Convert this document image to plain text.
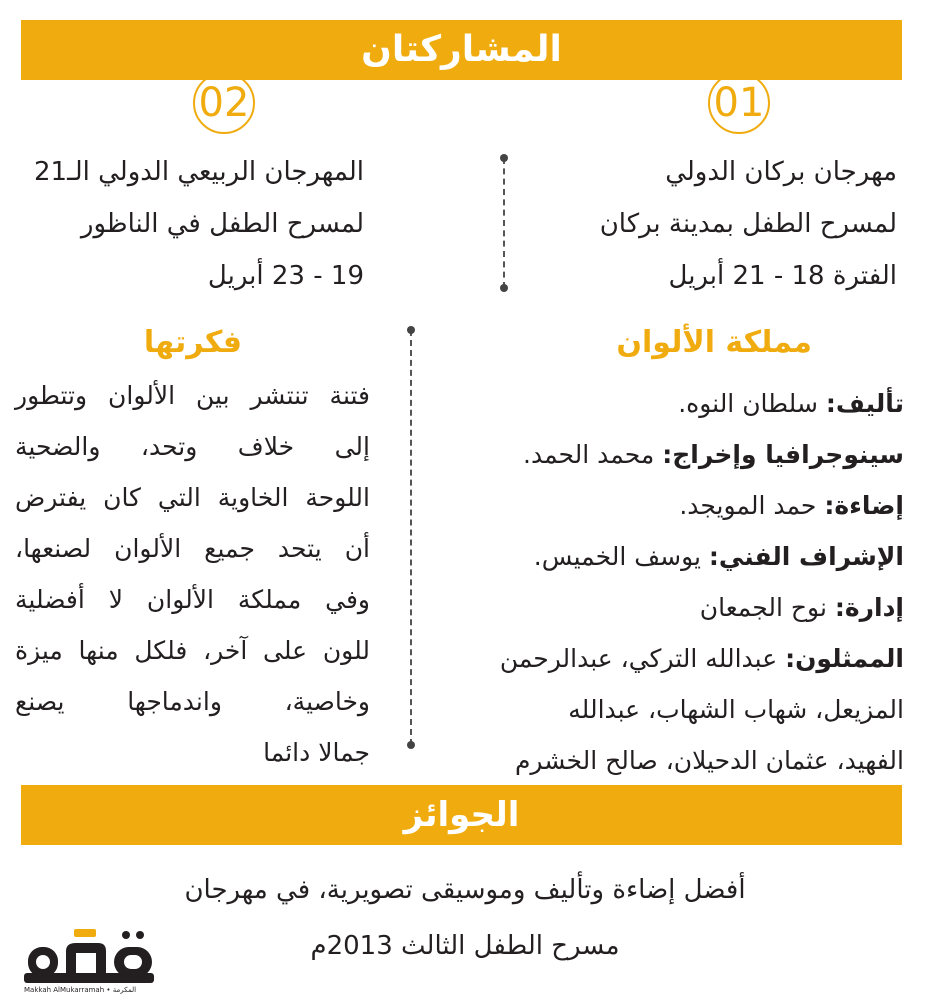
المشاركتان
01
02
مهرجان بركان الدولي
لمسرح الطفل بمدينة بركان
الفترة 18 - 21 أبريل
المهرجان الربيعي الدولي الـ21
لمسرح الطفل في الناظور
19 - 23 أبريل
مملكة الألوان
فكرتها
تأليف: سلطان النوه.
سينوجرافيا وإخراج: محمد الحمد.
إضاءة: حمد المويجد.
الإشراف الفني: يوسف الخميس.
إدارة: نوح الجمعان
الممثلون: عبدالله التركي، عبدالرحمن
المزيعل، شهاب الشهاب، عبدالله
الفهيد، عثمان الدحيلان، صالح الخشرم
فتنة تنتشر بين الألوان وتتطور
إلى خلاف وتحد، والضحية
اللوحة الخاوية التي كان يفترض
أن يتحد جميع الألوان لصنعها،
وفي مملكة الألوان لا أفضلية
للون على آخر، فلكل منها ميزة
وخاصية، واندماجها يصنع
جمالا دائما
الجوائز
أفضل إضاءة وتأليف وموسيقى تصويرية، في مهرجان
مسرح الطفل الثالث 2013م
Makkah AlMukarramah • المكرمة
